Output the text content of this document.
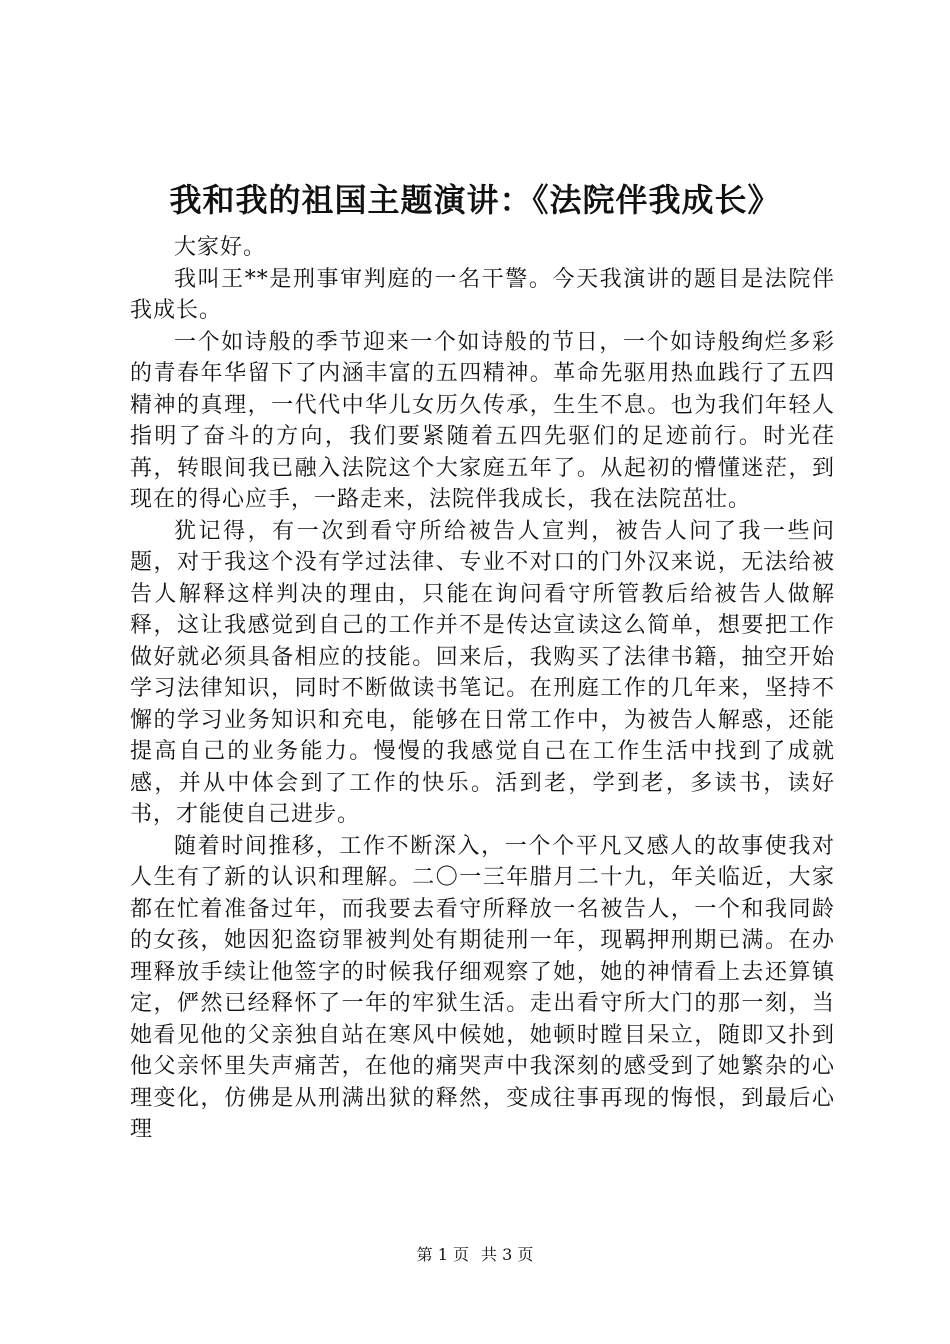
我和我的祖国主题演讲：《法院伴我成长》

大家好。

我叫王**是刑事审判庭的一名干警。今天我演讲的题目是法院伴我成长。

一个如诗般的季节迎来一个如诗般的节日，一个如诗般绚烂多彩的青春年华留下了内涵丰富的五四精神。革命先驱用热血践行了五四精神的真理，一代代中华儿女历久传承，生生不息。也为我们年轻人指明了奋斗的方向，我们要紧随着五四先驱们的足迹前行。时光荏苒，转眼间我已融入法院这个大家庭五年了。从起初的懵懂迷茫，到现在的得心应手，一路走来，法院伴我成长，我在法院茁壮。

犹记得，有一次到看守所给被告人宣判，被告人问了我一些问题，对于我这个没有学过法律、专业不对口的门外汉来说，无法给被告人解释这样判决的理由，只能在询问看守所管教后给被告人做解释，这让我感觉到自己的工作并不是传达宣读这么简单，想要把工作做好就必须具备相应的技能。回来后，我购买了法律书籍，抽空开始学习法律知识，同时不断做读书笔记。在刑庭工作的几年来，坚持不懈的学习业务知识和充电，能够在日常工作中，为被告人解惑，还能提高自己的业务能力。慢慢的我感觉自己在工作生活中找到了成就感，并从中体会到了工作的快乐。活到老，学到老，多读书，读好书，才能使自己进步。

随着时间推移，工作不断深入，一个个平凡又感人的故事使我对人生有了新的认识和理解。二〇一三年腊月二十九，年关临近，大家都在忙着准备过年，而我要去看守所释放一名被告人，一个和我同龄的女孩，她因犯盗窃罪被判处有期徒刑一年，现羁押刑期已满。在办理释放手续让他签字的时候我仔细观察了她，她的神情看上去还算镇定，俨然已经释怀了一年的牢狱生活。走出看守所大门的那一刻，当她看见他的父亲独自站在寒风中候她，她顿时瞠目呆立，随即又扑到他父亲怀里失声痛苦，在他的痛哭声中我深刻的感受到了她繁杂的心理变化，仿佛是从刑满出狱的释然，变成往事再现的悔恨，到最后心理

第 1 页 共 3 页
